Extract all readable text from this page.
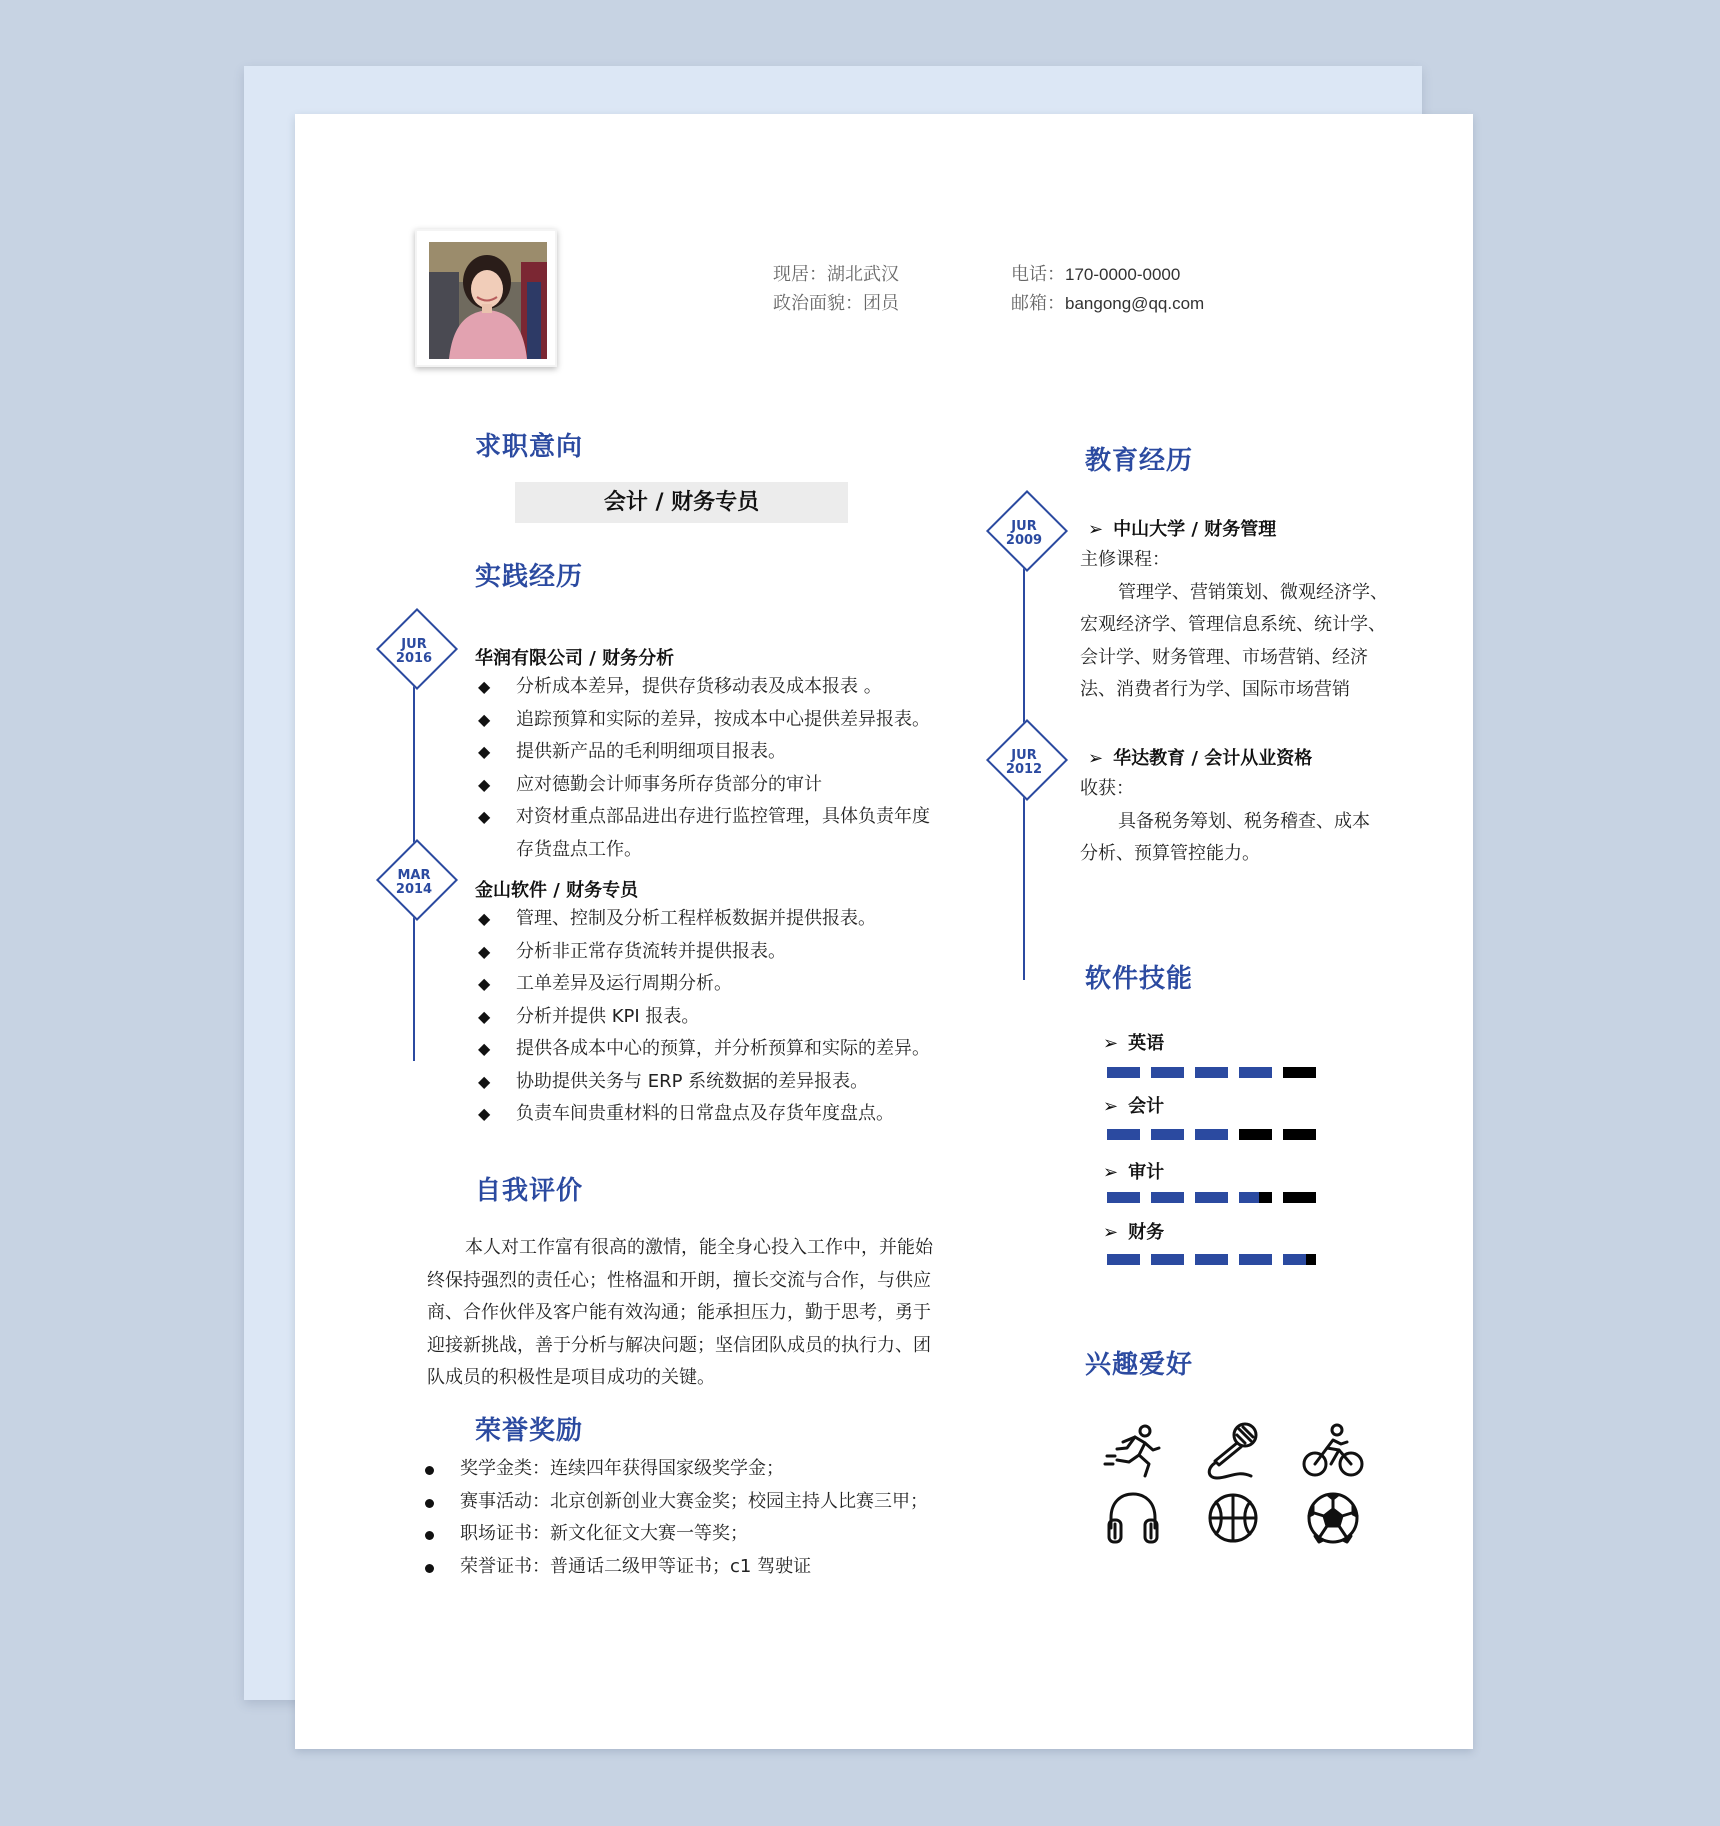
现居：湖北武汉
政治面貌：团员
电话：170-0000-0000
邮箱：bangong@qq.com
求职意向
会计 / 财务专员
实践经历
JUR
2016
MAR
2014
华润有限公司 / 财务分析
◆ 分析成本差异，提供存货移动表及成本报表 。
◆ 追踪预算和实际的差异，按成本中心提供差异报表。
◆ 提供新产品的毛利明细项目报表。
◆ 应对德勤会计师事务所存货部分的审计
◆ 对资材重点部品进出存进行监控管理，具体负责年度
存货盘点工作。
金山软件 / 财务专员
◆ 管理、控制及分析工程样板数据并提供报表。
◆ 分析非正常存货流转并提供报表。
◆ 工单差异及运行周期分析。
◆ 分析并提供 KPI 报表。
◆ 提供各成本中心的预算，并分析预算和实际的差异。
◆ 协助提供关务与 ERP 系统数据的差异报表。
◆ 负责车间贵重材料的日常盘点及存货年度盘点。
自我评价
本人对工作富有很高的激情，能全身心投入工作中，并能始
终保持强烈的责任心；性格温和开朗，擅长交流与合作，与供应
商、合作伙伴及客户能有效沟通；能承担压力，勤于思考，勇于
迎接新挑战，善于分析与解决问题；坚信团队成员的执行力、团
队成员的积极性是项目成功的关键。
荣誉奖励
奖学金类：连续四年获得国家级奖学金；
赛事活动：北京创新创业大赛金奖；校园主持人比赛三甲；
职场证书：新文化征文大赛一等奖；
荣誉证书：普通话二级甲等证书；c1 驾驶证
教育经历
JUR
2009
JUR
2012
➢ 中山大学 / 财务管理
主修课程：
管理学、营销策划、微观经济学、
宏观经济学、管理信息系统、统计学、
会计学、财务管理、市场营销、经济
法、消费者行为学、国际市场营销
➢ 华达教育 / 会计从业资格
收获：
具备税务筹划、税务稽查、成本
分析、预算管控能力。
软件技能
➢ 英语
➢ 会计
➢ 审计
➢ 财务
兴趣爱好
